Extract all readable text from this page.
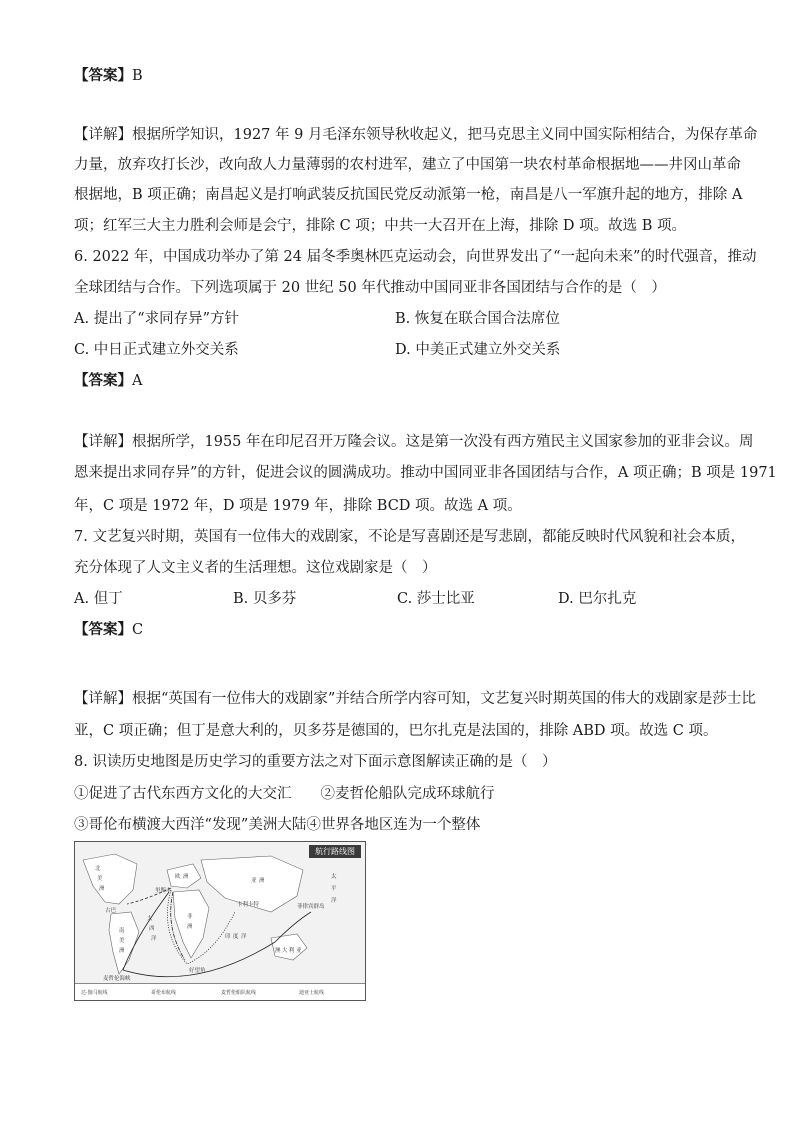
【答案】B
【详解】根据所学知识，1927 年 9 月毛泽东领导秋收起义，把马克思主义同中国实际相结合，为保存革命
力量，放弃攻打长沙，改向敌人力量薄弱的农村进军，建立了中国第一块农村革命根据地——井冈山革命
根据地，B 项正确；南昌起义是打响武装反抗国民党反动派第一枪，南昌是八一军旗升起的地方，排除 A
项；红军三大主力胜利会师是会宁，排除 C 项；中共一大召开在上海，排除 D 项。故选 B 项。
6. 2022 年，中国成功举办了第 24 届冬季奥林匹克运动会，向世界发出了“一起向未来”的时代强音，推动
全球团结与合作。下列选项属于 20 世纪 50 年代推动中国同亚非各国团结与合作的是（　）
A. 提出了“求同存异”方针	B. 恢复在联合国合法席位
C. 中日正式建立外交关系	D. 中美正式建立外交关系
【答案】A
【详解】根据所学，1955 年在印尼召开万隆会议。这是第一次没有西方殖民主义国家参加的亚非会议。周
恩来提出求同存异”的方针，促进会议的圆满成功。推动中国同亚非各国团结与合作，A 项正确；B 项是 1971
年，C 项是 1972 年，D 项是 1979 年，排除 BCD 项。故选 A 项。
7. 文艺复兴时期，英国有一位伟大的戏剧家，不论是写喜剧还是写悲剧，都能反映时代风貌和社会本质，
充分体现了人文主义者的生活理想。这位戏剧家是（　）
A. 但丁	B. 贝多芬	C. 莎士比亚	D. 巴尔扎克
【答案】C
【详解】根据“英国有一位伟大的戏剧家”并结合所学内容可知，文艺复兴时期英国的伟大的戏剧家是莎士比
亚，C 项正确；但丁是意大利的，贝多芬是德国的，巴尔扎克是法国的，排除 ABD 项。故选 C 项。
8. 识读历史地图是历史学习的重要方法之对下面示意图解读正确的是（　）
①促进了古代东西方文化的大交汇　　②麦哲伦船队完成环球航行
③哥伦布横渡大西洋“发现”美洲大陆④世界各地区连为一个整体
航行路线图
北
美
洲
南
美
洲
欧 洲
非
洲
亚 洲
太
平
洋
大
西
洋	印 度 洋
澳 大 利 亚
古巴
里斯本
好望角
卡利卡特
麦哲伦海峡
菲律宾群岛
达·伽马航线	哥伦布航线	麦哲伦船队航线	迪亚士航线
